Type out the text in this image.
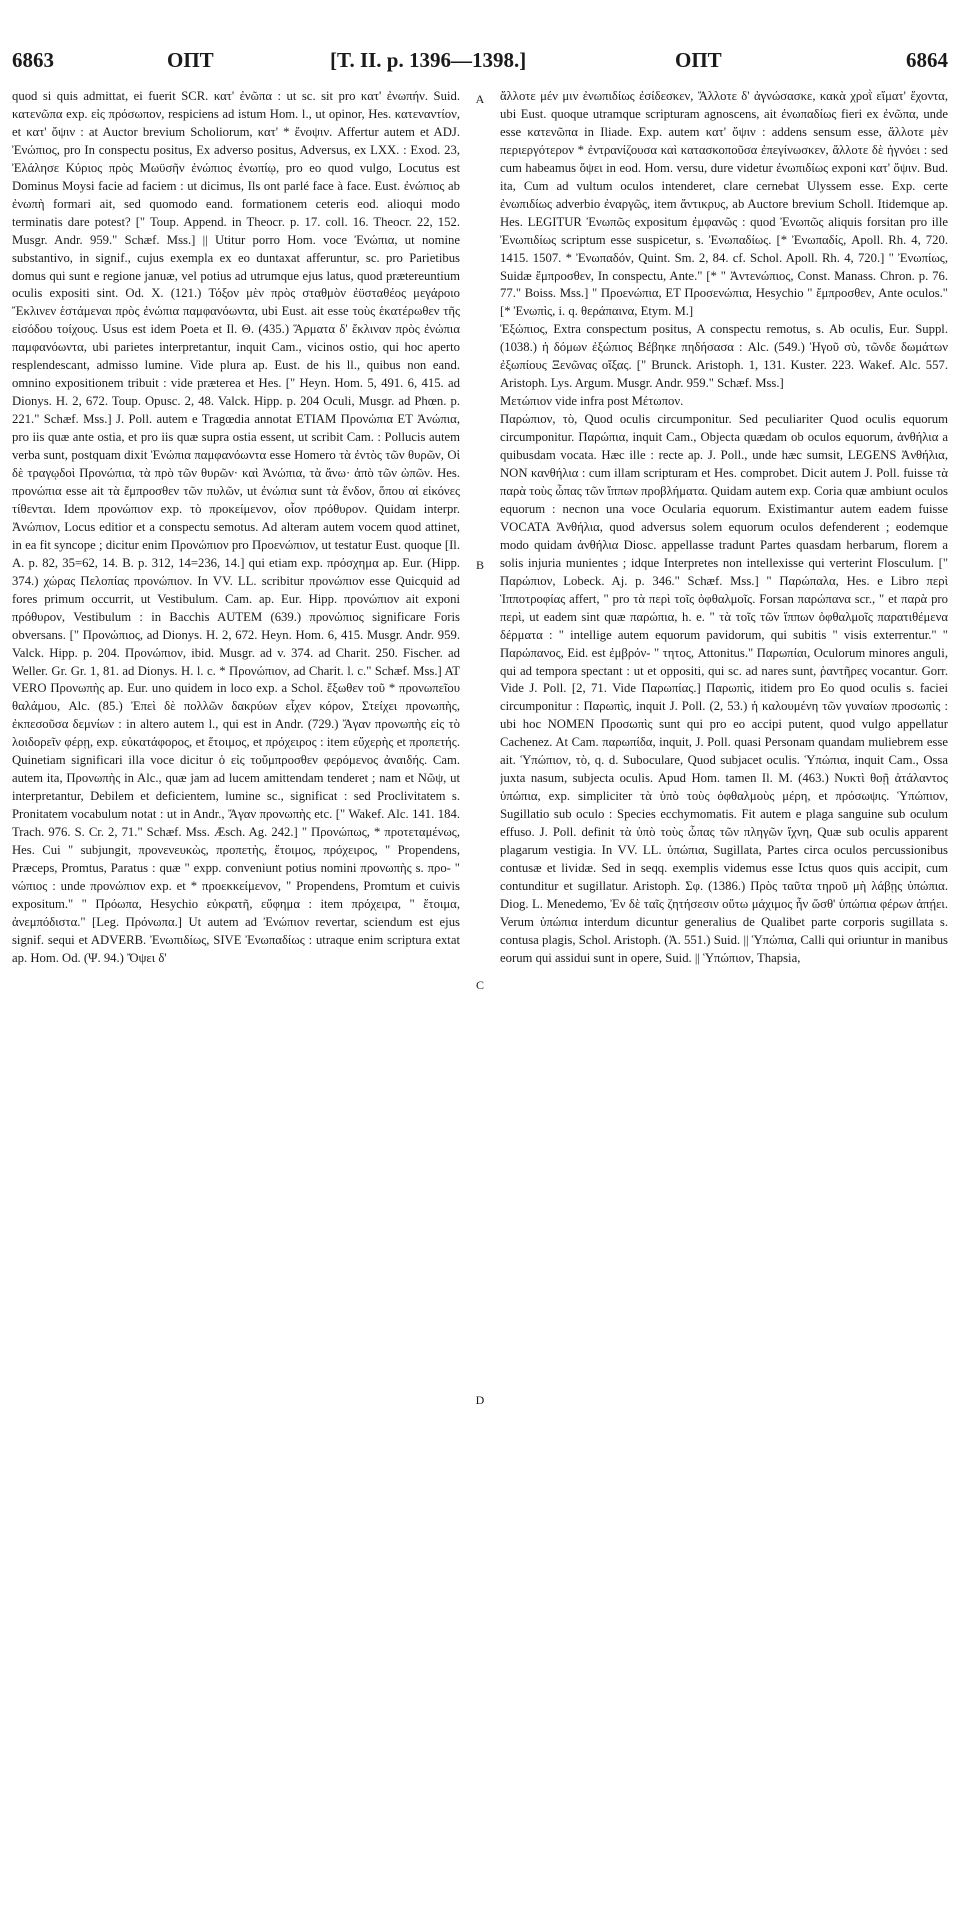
6863	ΟΠΤ	[T. II. p. 1396—1398.]	ΟΠΤ	6864

quod si quis admittat, ei fuerit SCR. κατ' ἐνῶπα : ut sc. sit pro κατ' ἐνωπήν. Suid. κατενῶπα exp. εἰς πρόσωπον, respiciens ad istum Hom. l., ut opinor, Hes. κατεναντίον, et κατ' ὄψιν : at Auctor brevium Scholiorum, κατ' * ἔνοψιν. Affertur autem et ADJ. Ἐνώπιος, pro In conspectu positus, Ex adverso positus, Adversus, ex LXX. : Exod. 23, Ἐλάλησε Κύριος πρὸς Μωϋσῆν ἐνώπιος ἐνωπίῳ, pro eo quod vulgo, Locutus est Dominus Moysi facie ad faciem : ut dicimus, Ils ont parlé face à face. Eust. ἐνώπιος ab ἐνωπὴ formari ait, sed quomodo eand. formationem ceteris eod. alioqui modo terminatis dare potest? [" Toup. Append. in Theocr. p. 17. coll. 16. Theocr. 22, 152. Musgr. Andr. 959." Schæf. Mss.] || Utitur porro Hom. voce Ἐνώπια, ut nomine substantivo, in signif., cujus exempla ex eo duntaxat afferuntur, sc. pro Parietibus domus qui sunt e regione januæ, vel potius ad utrumque ejus latus, quod prætereuntium oculis expositi sint. Od. X. (121.) Τόξον μὲν πρὸς σταθμὸν ἐϋσταθέος μεγάροιο Ἔκλινεν ἑστάμεναι πρὸς ἐνώπια παμφανόωντα, ubi Eust. ait esse τοὺς ἑκατέρωθεν τῆς εἰσόδου τοίχους. Usus est idem Poeta et Il. Θ. (435.) Ἅρματα δ' ἔκλιναν πρὸς ἐνώπια παμφανόωντα, ubi parietes interpretantur, inquit Cam., vicinos ostio, qui hoc aperto resplendescant, admisso lumine. Vide plura ap. Eust. de his ll., quibus non eand. omnino expositionem tribuit : vide præterea et Hes. [" Heyn. Hom. 5, 491. 6, 415. ad Dionys. H. 2, 672. Toup. Opusc. 2, 48. Valck. Hipp. p. 204 Oculi, Musgr. ad Phœn. p. 221." Schæf. Mss.] J. Poll. autem e Tragœdia annotat ETIAM Προνώπια ET Ἀνώπια, pro iis quæ ante ostia, et pro iis quæ supra ostia essent, ut scribit Cam. : Pollucis autem verba sunt, postquam dixit Ἐνώπια παμφανόωντα esse Homero τὰ ἐντὸς τῶν θυρῶν, Οἱ δὲ τραγῳδοὶ Προνώπια, τὰ πρὸ τῶν θυρῶν· καὶ Ἀνώπια, τὰ ἄνω· ἀπὸ τῶν ὠπῶν. Hes. προνώπια esse ait τὰ ἔμπροσθεν τῶν πυλῶν, ut ἐνώπια sunt τὰ ἔνδον, ὅπου αἱ εἰκόνες τίθενται. Idem προνώπιον exp. τὸ προκείμενον, οἷον πρόθυρον. Quidam interpr. Ἀνώπιον, Locus editior et a conspectu semotus. Ad alteram autem vocem quod attinet, in ea fit syncope ; dicitur enim Προνώπιον pro Προενώπιον, ut testatur Eust. quoque [Il. A. p. 82, 35=62, 14. B. p. 312, 14=236, 14.] qui etiam exp. πρόσχημα ap. Eur. (Hipp. 374.) χώρας Πελοπίας προνώπιον. In VV. LL. scribitur προνώπιον esse Quicquid ad fores primum occurrit, ut Vestibulum. Cam. ap. Eur. Hipp. προνώπιον ait exponi πρόθυρον, Vestibulum : in Bacchis AUTEM (639.) προνώπιος significare Foris obversans. [" Προνώπιος, ad Dionys. H. 2, 672. Heyn. Hom. 6, 415. Musgr. Andr. 959. Valck. Hipp. p. 204. Προνώπιον, ibid. Musgr. ad v. 374. ad Charit. 250. Fischer. ad Weller. Gr. Gr. 1, 81. ad Dionys. H. l. c. * Προνώπιον, ad Charit. l. c." Schæf. Mss.] AT VERO Προνωπὴς ap. Eur. uno quidem in loco exp. a Schol. ἔξωθεν τοῦ * προνωπεῖου θαλάμου, Alc. (85.) Ἐπεὶ δὲ πολλῶν δακρύων εἶχεν κόρον, Στείχει προνωπὴς, ἐκπεσοῦσα δεμνίων : in altero autem l., qui est in Andr. (729.) Ἄγαν προνωπὴς εἰς τὸ λοιδορεῖν φέρῃ, exp. εὐκατάφορος, et ἕτοιμος, et πρόχειρος : item εὔχερὴς et προπετής. Quinetiam significari illa voce dicitur ὁ εἰς τοὔμπροσθεν φερόμενος ἀναιδής. Cam. autem ita, Προνωπὴς in Alc., quæ jam ad lucem amittendam tenderet ; nam et Νῶψ, ut interpretantur, Debilem et deficientem, lumine sc., significat : sed Proclivitatem s. Pronitatem vocabulum notat : ut in Andr., Ἄγαν προνωπὴς etc. [" Wakef. Alc. 141. 184. Trach. 976. S. Cr. 2, 71." Schæf. Mss. Æsch. Ag. 242.] " Προνώπως, * προτεταμένως, Hes. Cui " subjungit, προνενευκὼς, προπετὴς, ἕτοιμος, πρόχειρος, " Propendens, Præceps, Promtus, Paratus : quæ " expp. conveniunt potius nomini προνωπὴς s. προ- " νώπιος : unde προνώπιον exp. et * προεκκείμενον, " Propendens, Promtum et cuivis expositum." " Πρόωπα, Hesychio εὐκρατῆ, εὔφημα : item πρόχειρα, " ἕτοιμα, ἀνεμπόδιστα." [Leg. Πρόνωπα.] Ut autem ad Ἐνώπιον revertar, sciendum est ejus signif. sequi et ADVERB. Ἐνωπιδίως, SIVE Ἐνωπαδίως : utraque enim scriptura extat ap. Hom. Od. (Ψ. 94.) Ὄψει δ'

A
B
C
D

ἄλλοτε μέν μιν ἐνωπιδίως ἐσίδεσκεν, Ἄλλοτε δ' ἀγνώσασκε, κακὰ χροῒ εἵματ' ἔχοντα, ubi Eust. quoque utramque scripturam agnoscens, ait ἐνωπαδίως fieri ex ἐνῶπα, unde esse κατενῶπα in Iliade. Exp. autem κατ' ὄψιν : addens sensum esse, ἄλλοτε μὲν περιεργότερον * ἐντρανίζουσα καὶ κατασκοποῦσα ἐπεγίνωσκεν, ἄλλοτε δὲ ἠγνόει : sed cum habeamus ὄψει in eod. Hom. versu, dure videtur ἐνωπιδίως exponi κατ' ὄψιν. Bud. ita, Cum ad vultum oculos intenderet, clare cernebat Ulyssem esse. Exp. certe ἐνωπιδίως adverbio ἐναργῶς, item ἄντικρυς, ab Auctore brevium Scholl. Itidemque ap. Hes. LEGITUR Ἐνωπῶς expositum ἐμφανῶς : quod Ἐνωπῶς aliquis forsitan pro ille Ἐνωπιδίως scriptum esse suspicetur, s. Ἐνωπαδίως. [* Ἐνωπαδίς, Apoll. Rh. 4, 720. 1415. 1507. * Ἐνωπαδόν, Quint. Sm. 2, 84. cf. Schol. Apoll. Rh. 4, 720.] " Ἐνωπίως, Suidæ ἔμπροσθεν, In conspectu, Ante." [* " Ἀντενώπιος, Const. Manass. Chron. p. 76. 77." Boiss. Mss.] " Προενώπια, ET Προσενώπια, Hesychio " ἔμπροσθεν, Ante oculos." [* Ἐνωπὶς, i. q. θεράπαινα, Etym. M.]

Ἐξώπιος, Extra conspectum positus, A conspectu remotus, s. Ab oculis, Eur. Suppl. (1038.) ἡ δόμων ἐξώπιος Βέβηκε πηδήσασα : Alc. (549.) Ἡγοῦ σὺ, τῶνδε δωμάτων ἐξωπίους Ξενῶνας οἴξας. [" Brunck. Aristoph. 1, 131. Kuster. 223. Wakef. Alc. 557. Aristoph. Lys. Argum. Musgr. Andr. 959." Schæf. Mss.]

Μετώπιον vide infra post Μέτωπον.

Παρώπιον, τὸ, Quod oculis circumponitur. Sed peculiariter Quod oculis equorum circumponitur. Παρώπια, inquit Cam., Objecta quædam ob oculos equorum, ἀνθήλια a quibusdam vocata. Hæc ille : recte ap. J. Poll., unde hæc sumsit, LEGENS Ἀνθήλια, NON κανθήλια : cum illam scripturam et Hes. comprobet. Dicit autem J. Poll. fuisse τὰ παρὰ τοὺς ὦπας τῶν ἵππων προβλήματα. Quidam autem exp. Coria quæ ambiunt oculos equorum : necnon una voce Ocularia equorum. Existimantur autem eadem fuisse VOCATA Ἀνθήλια, quod adversus solem equorum oculos defenderent ; eodemque modo quidam ἀνθήλια Diosc. appellasse tradunt Partes quasdam herbarum, florem a solis injuria munientes ; idque Interpretes non intellexisse qui verterint Flosculum. [" Παρώπιον, Lobeck. Aj. p. 346." Schæf. Mss.] " Παρώπαλα, Hes. e Libro περὶ Ἱπποτροφίας affert, " pro τὰ περὶ τοῖς ὀφθαλμοῖς. Forsan παρώπανα scr., " et παρὰ pro περὶ, ut eadem sint quæ παρώπια, h. e. " τὰ τοῖς τῶν ἵππων ὀφθαλμοῖς παρατιθέμενα δέρματα : " intellige autem equorum pavidorum, qui subitis " visis exterrentur." " Παρώπανος, Eid. est ἐμβρόν- " τητος, Attonitus." Παρωπίαι, Oculorum minores anguli, qui ad tempora spectant : ut et oppositi, qui sc. ad nares sunt, ῥαντῆρες vocantur. Gorr. Vide J. Poll. [2, 71. Vide Παρωπίας.] Παρωπὶς, itidem pro Eo quod oculis s. faciei circumponitur : Παρωπὶς, inquit J. Poll. (2, 53.) ἡ καλουμένη τῶν γυναίων προσωπὶς : ubi hoc NOMEN Προσωπὶς sunt qui pro eo accipi putent, quod vulgo appellatur Cachenez. At Cam. παρωπίδα, inquit, J. Poll. quasi Personam quandam muliebrem esse ait. Ὑπώπιον, τὸ, q. d. Suboculare, Quod subjacet oculis. Ὑπώπια, inquit Cam., Ossa juxta nasum, subjecta oculis. Apud Hom. tamen Il. M. (463.) Νυκτὶ θοῇ ἀτάλαντος ὑπώπια, exp. simpliciter τὰ ὑπὸ τοὺς ὀφθαλμοὺς μέρη, et πρόσωψις. Ὑπώπιον, Sugillatio sub oculo : Species ecchymomatis. Fit autem e plaga sanguine sub oculum effuso. J. Poll. definit τὰ ὑπὸ τοὺς ὦπας τῶν πληγῶν ἴχνη, Quæ sub oculis apparent plagarum vestigia. In VV. LL. ὑπώπια, Sugillata, Partes circa oculos percussionibus contusæ et lividæ. Sed in seqq. exemplis videmus esse Ictus quos quis accipit, cum contunditur et sugillatur. Aristoph. Σφ. (1386.) Πρὸς ταῦτα τηροῦ μὴ λάβῃς ὑπώπια. Diog. L. Menedemo, Ἐν δὲ ταῖς ζητήσεσιν οὕτω μάχιμος ἦν ὥσθ' ὑπώπια φέρων ἀπῄει. Verum ὑπώπια interdum dicuntur generalius de Qualibet parte corporis sugillata s. contusa plagis, Schol. Aristoph. (Ἀ. 551.) Suid. || Ὑπώπια, Calli qui oriuntur in manibus eorum qui assidui sunt in opere, Suid. || Ὑπώπιον, Thapsia,
